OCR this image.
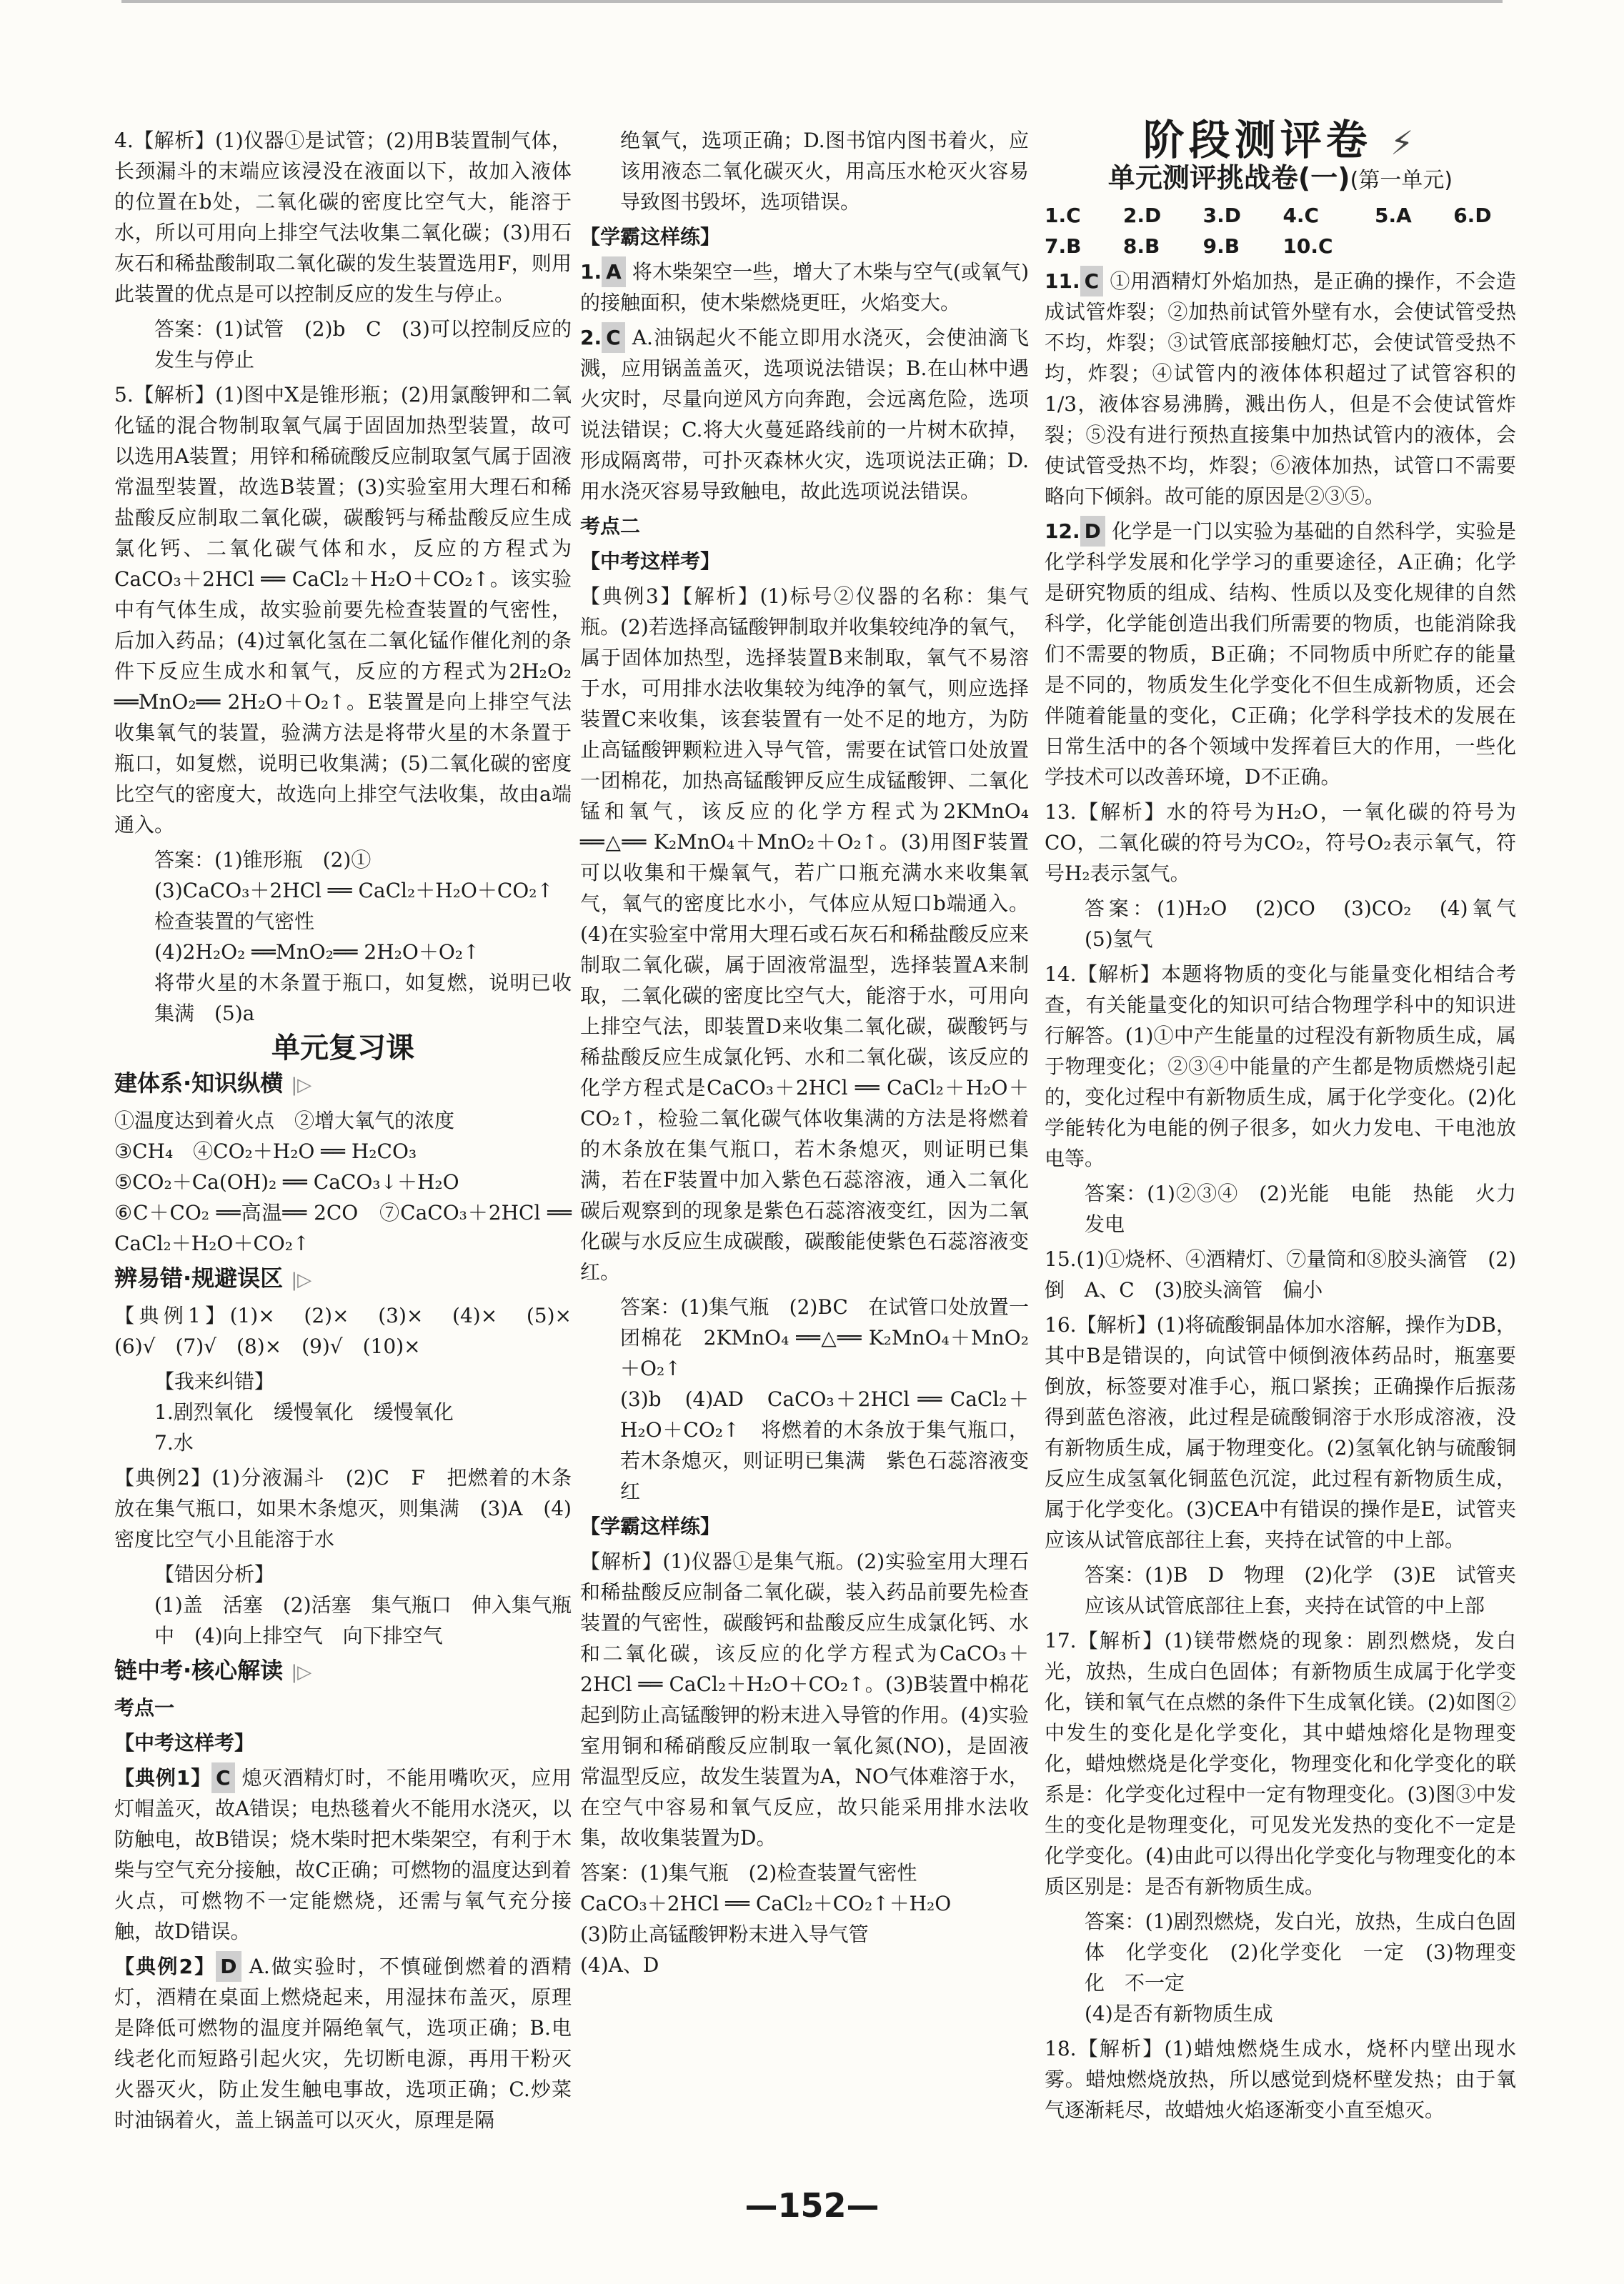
4.【解析】(1)仪器①是试管；(2)用B装置制气体，长颈漏斗的末端应该浸没在液面以下，故加入液体的位置在b处，二氧化碳的密度比空气大，能溶于水，所以可用向上排空气法收集二氧化碳；(3)用石灰石和稀盐酸制取二氧化碳的发生装置选用F，则用此装置的优点是可以控制反应的发生与停止。
答案：(1)试管　(2)b　C　(3)可以控制反应的发生与停止
5.【解析】(1)图中X是锥形瓶；(2)用氯酸钾和二氧化锰的混合物制取氧气属于固固加热型装置，故可以选用A装置；用锌和稀硫酸反应制取氢气属于固液常温型装置，故选B装置；(3)实验室用大理石和稀盐酸反应制取二氧化碳，碳酸钙与稀盐酸反应生成氯化钙、二氧化碳气体和水，反应的方程式为CaCO₃＋2HCl ══ CaCl₂＋H₂O＋CO₂↑。该实验中有气体生成，故实验前要先检查装置的气密性，后加入药品；(4)过氧化氢在二氧化锰作催化剂的条件下反应生成水和氧气，反应的方程式为2H₂O₂ ══MnO₂══ 2H₂O＋O₂↑。E装置是向上排空气法收集氧气的装置，验满方法是将带火星的木条置于瓶口，如复燃，说明已收集满；(5)二氧化碳的密度比空气的密度大，故选向上排空气法收集，故由a端通入。
答案：(1)锥形瓶　(2)①
(3)CaCO₃＋2HCl ══ CaCl₂＋H₂O＋CO₂↑
检查装置的气密性
(4)2H₂O₂ ══MnO₂══ 2H₂O＋O₂↑
将带火星的木条置于瓶口，如复燃，说明已收集满　(5)a
单元复习课
建体系·知识纵横 |▷
①温度达到着火点　②增大氧气的浓度
③CH₄　④CO₂＋H₂O ══ H₂CO₃
⑤CO₂＋Ca(OH)₂ ══ CaCO₃↓＋H₂O
⑥C＋CO₂ ══高温══ 2CO　⑦CaCO₃＋2HCl ══ CaCl₂＋H₂O＋CO₂↑
辨易错·规避误区 |▷
【典例1】(1)×　(2)×　(3)×　(4)×　(5)×　(6)√　(7)√　(8)×　(9)√　(10)×
【我来纠错】
1.剧烈氧化　缓慢氧化　缓慢氧化
7.水
【典例2】(1)分液漏斗　(2)C　F　把燃着的木条放在集气瓶口，如果木条熄灭，则集满　(3)A　(4)密度比空气小且能溶于水
【错因分析】
(1)盖　活塞　(2)活塞　集气瓶口　伸入集气瓶中　(4)向上排空气　向下排空气
链中考·核心解读 |▷
考点一
【中考这样考】
【典例1】 C 熄灭酒精灯时，不能用嘴吹灭，应用灯帽盖灭，故A错误；电热毯着火不能用水浇灭，以防触电，故B错误；烧木柴时把木柴架空，有利于木柴与空气充分接触，故C正确；可燃物的温度达到着火点，可燃物不一定能燃烧，还需与氧气充分接触，故D错误。
【典例2】 D A.做实验时，不慎碰倒燃着的酒精灯，酒精在桌面上燃烧起来，用湿抹布盖灭，原理是降低可燃物的温度并隔绝氧气，选项正确；B.电线老化而短路引起火灾，先切断电源，再用干粉灭火器灭火，防止发生触电事故，选项正确；C.炒菜时油锅着火，盖上锅盖可以灭火，原理是隔
绝氧气，选项正确；D.图书馆内图书着火，应该用液态二氧化碳灭火，用高压水枪灭火容易导致图书毁坏，选项错误。
【学霸这样练】
1. A 将木柴架空一些，增大了木柴与空气(或氧气)的接触面积，使木柴燃烧更旺，火焰变大。
2. C A.油锅起火不能立即用水浇灭，会使油滴飞溅，应用锅盖盖灭，选项说法错误；B.在山林中遇火灾时，尽量向逆风方向奔跑，会远离危险，选项说法错误；C.将大火蔓延路线前的一片树木砍掉，形成隔离带，可扑灭森林火灾，选项说法正确；D.用水浇灭容易导致触电，故此选项说法错误。
考点二
【中考这样考】
【典例3】【解析】(1)标号②仪器的名称：集气瓶。(2)若选择高锰酸钾制取并收集较纯净的氧气，属于固体加热型，选择装置B来制取，氧气不易溶于水，可用排水法收集较为纯净的氧气，则应选择装置C来收集，该套装置有一处不足的地方，为防止高锰酸钾颗粒进入导气管，需要在试管口处放置一团棉花，加热高锰酸钾反应生成锰酸钾、二氧化锰和氧气，该反应的化学方程式为2KMnO₄ ══△══ K₂MnO₄＋MnO₂＋O₂↑。(3)用图F装置可以收集和干燥氧气，若广口瓶充满水来收集氧气，氧气的密度比水小，气体应从短口b端通入。(4)在实验室中常用大理石或石灰石和稀盐酸反应来制取二氧化碳，属于固液常温型，选择装置A来制取，二氧化碳的密度比空气大，能溶于水，可用向上排空气法，即装置D来收集二氧化碳，碳酸钙与稀盐酸反应生成氯化钙、水和二氧化碳，该反应的化学方程式是CaCO₃＋2HCl ══ CaCl₂＋H₂O＋CO₂↑，检验二氧化碳气体收集满的方法是将燃着的木条放在集气瓶口，若木条熄灭，则证明已集满，若在F装置中加入紫色石蕊溶液，通入二氧化碳后观察到的现象是紫色石蕊溶液变红，因为二氧化碳与水反应生成碳酸，碳酸能使紫色石蕊溶液变红。
答案：(1)集气瓶　(2)BC　在试管口处放置一团棉花　2KMnO₄ ══△══ K₂MnO₄＋MnO₂＋O₂↑
(3)b　(4)AD　CaCO₃＋2HCl ══ CaCl₂＋H₂O＋CO₂↑　将燃着的木条放于集气瓶口，若木条熄灭，则证明已集满　紫色石蕊溶液变红
【学霸这样练】
【解析】(1)仪器①是集气瓶。(2)实验室用大理石和稀盐酸反应制备二氧化碳，装入药品前要先检查装置的气密性，碳酸钙和盐酸反应生成氯化钙、水和二氧化碳，该反应的化学方程式为CaCO₃＋2HCl ══ CaCl₂＋H₂O＋CO₂↑。(3)B装置中棉花起到防止高锰酸钾的粉末进入导管的作用。(4)实验室用铜和稀硝酸反应制取一氧化氮(NO)，是固液常温型反应，故发生装置为A，NO气体难溶于水，在空气中容易和氧气反应，故只能采用排水法收集，故收集装置为D。
答案：(1)集气瓶　(2)检查装置气密性
CaCO₃＋2HCl ══ CaCl₂＋CO₂↑＋H₂O
(3)防止高锰酸钾粉末进入导气管
(4)A、D
阶段测评卷 ⚡
单元测评挑战卷(一)(第一单元)
1.C	2.D	3.D	4.C	5.A	6.D
7.B	8.B	9.B	10.C
11. C ①用酒精灯外焰加热，是正确的操作，不会造成试管炸裂；②加热前试管外壁有水，会使试管受热不均，炸裂；③试管底部接触灯芯，会使试管受热不均，炸裂；④试管内的液体体积超过了试管容积的1/3，液体容易沸腾，溅出伤人，但是不会使试管炸裂；⑤没有进行预热直接集中加热试管内的液体，会使试管受热不均，炸裂；⑥液体加热，试管口不需要略向下倾斜。故可能的原因是②③⑤。
12. D 化学是一门以实验为基础的自然科学，实验是化学科学发展和化学学习的重要途径，A正确；化学是研究物质的组成、结构、性质以及变化规律的自然科学，化学能创造出我们所需要的物质，也能消除我们不需要的物质，B正确；不同物质中所贮存的能量是不同的，物质发生化学变化不但生成新物质，还会伴随着能量的变化，C正确；化学科学技术的发展在日常生活中的各个领域中发挥着巨大的作用，一些化学技术可以改善环境，D不正确。
13.【解析】水的符号为H₂O，一氧化碳的符号为CO，二氧化碳的符号为CO₂，符号O₂表示氧气，符号H₂表示氢气。
答案：(1)H₂O　(2)CO　(3)CO₂　(4)氧气　(5)氢气
14.【解析】本题将物质的变化与能量变化相结合考查，有关能量变化的知识可结合物理学科中的知识进行解答。(1)①中产生能量的过程没有新物质生成，属于物理变化；②③④中能量的产生都是物质燃烧引起的，变化过程中有新物质生成，属于化学变化。(2)化学能转化为电能的例子很多，如火力发电、干电池放电等。
答案：(1)②③④　(2)光能　电能　热能　火力发电
15.(1)①烧杯、④酒精灯、⑦量筒和⑧胶头滴管　(2)倒　A、C　(3)胶头滴管　偏小
16.【解析】(1)将硫酸铜晶体加水溶解，操作为DB，其中B是错误的，向试管中倾倒液体药品时，瓶塞要倒放，标签要对准手心，瓶口紧挨；正确操作后振荡得到蓝色溶液，此过程是硫酸铜溶于水形成溶液，没有新物质生成，属于物理变化。(2)氢氧化钠与硫酸铜反应生成氢氧化铜蓝色沉淀，此过程有新物质生成，属于化学变化。(3)CEA中有错误的操作是E，试管夹应该从试管底部往上套，夹持在试管的中上部。
答案：(1)B　D　物理　(2)化学　(3)E　试管夹应该从试管底部往上套，夹持在试管的中上部
17.【解析】(1)镁带燃烧的现象：剧烈燃烧，发白光，放热，生成白色固体；有新物质生成属于化学变化，镁和氧气在点燃的条件下生成氧化镁。(2)如图②中发生的变化是化学变化，其中蜡烛熔化是物理变化，蜡烛燃烧是化学变化，物理变化和化学变化的联系是：化学变化过程中一定有物理变化。(3)图③中发生的变化是物理变化，可见发光发热的变化不一定是化学变化。(4)由此可以得出化学变化与物理变化的本质区别是：是否有新物质生成。
答案：(1)剧烈燃烧，发白光，放热，生成白色固体　化学变化　(2)化学变化　一定　(3)物理变化　不一定
(4)是否有新物质生成
18.【解析】(1)蜡烛燃烧生成水，烧杯内壁出现水雾。蜡烛燃烧放热，所以感觉到烧杯壁发热；由于氧气逐渐耗尽，故蜡烛火焰逐渐变小直至熄灭。
—152—
